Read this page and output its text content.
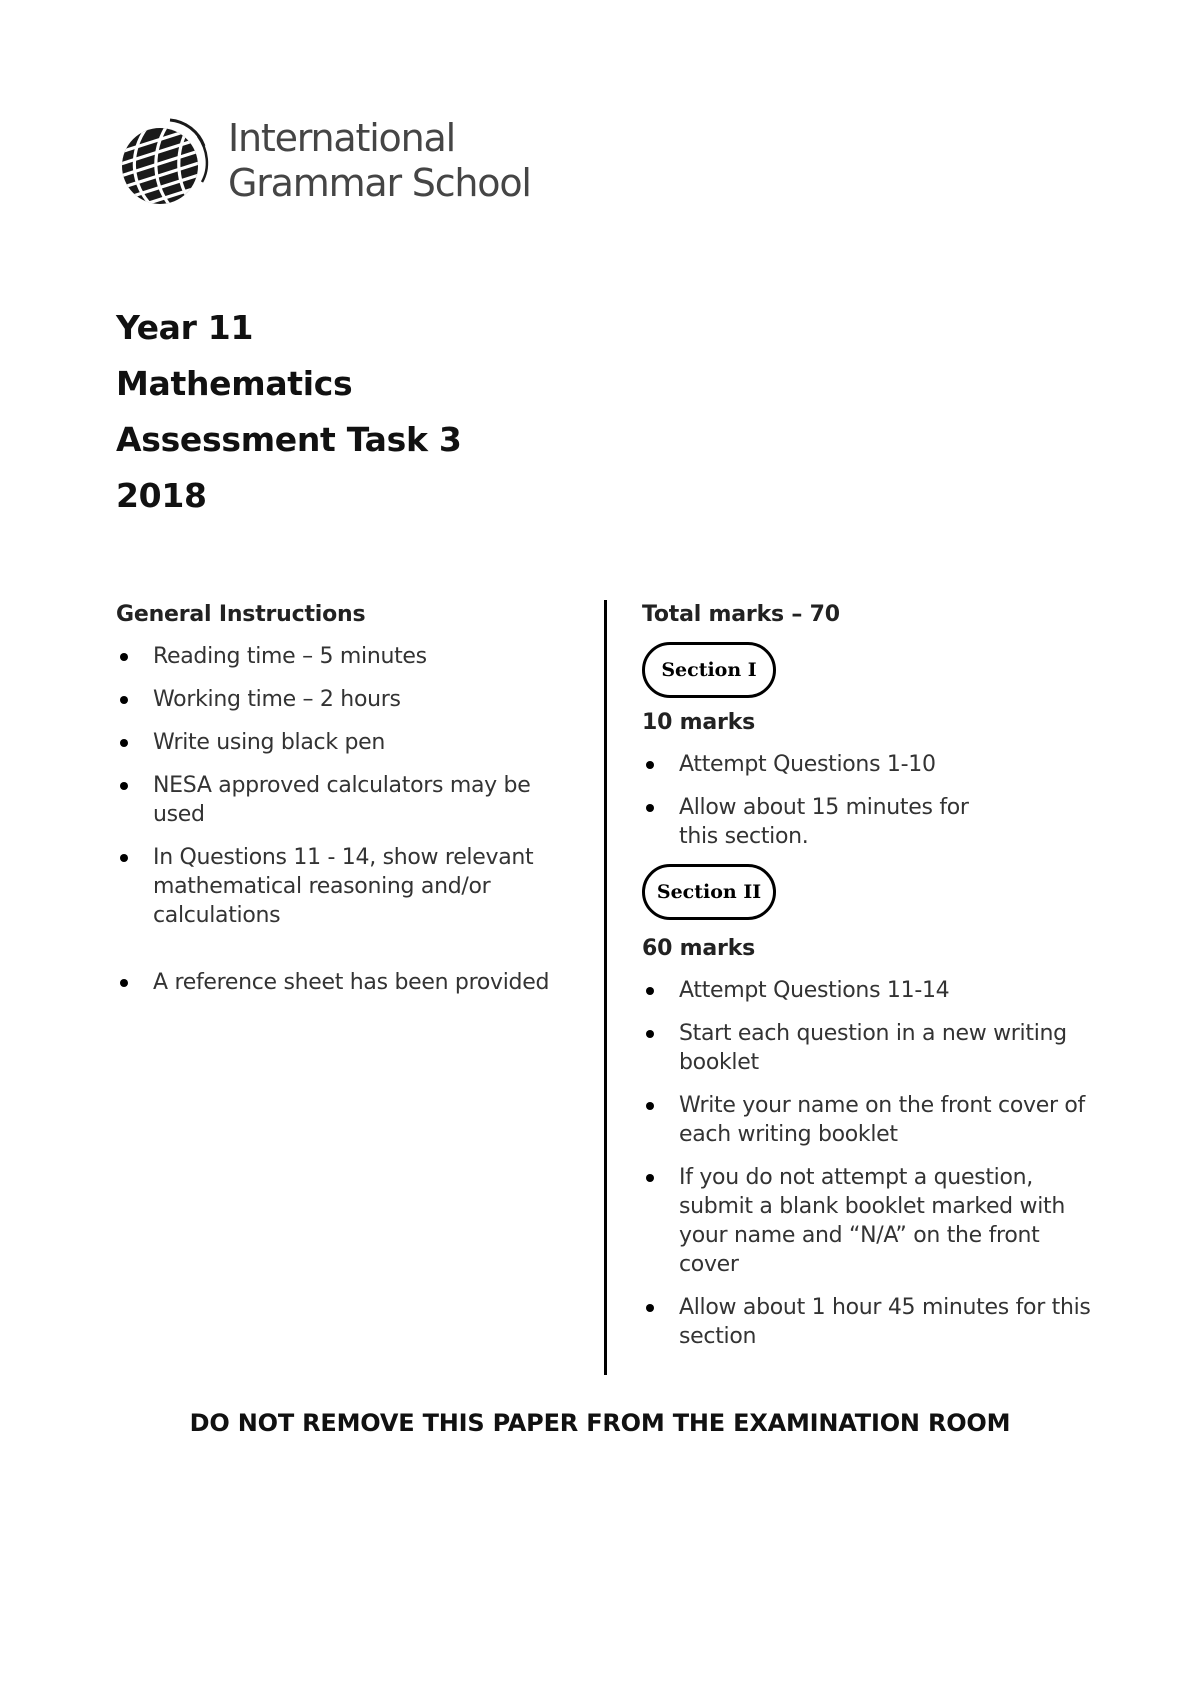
International
Grammar School
Year 11
Mathematics
Assessment Task 3
2018
General Instructions
Reading time – 5 minutes
Working time – 2 hours
Write using black pen
NESA approved calculators may be used
In Questions 11 - 14, show relevant mathematical reasoning and/or calculations
A reference sheet has been provided
Total marks – 70
Section I
10 marks
Attempt Questions 1-10
Allow about 15 minutes for this section.
Section II
60 marks
Attempt Questions 11-14
Start each question in a new writing booklet
Write your name on the front cover of each writing booklet
If you do not attempt a question, submit a blank booklet marked with your name and “N/A” on the front cover
Allow about 1 hour 45 minutes for this section
DO NOT REMOVE THIS PAPER FROM THE EXAMINATION ROOM
